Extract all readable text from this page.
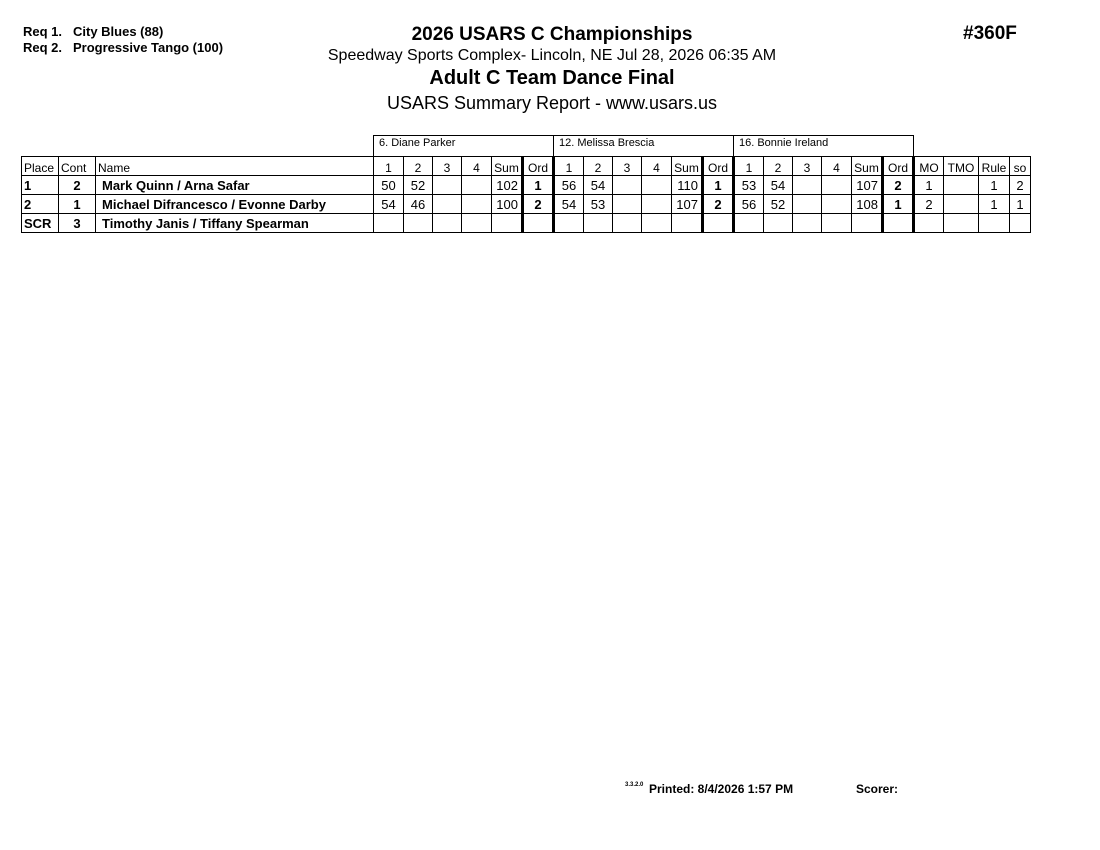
Req 1. City Blues (88)
Req 2. Progressive Tango (100)
2026 USARS C Championships
Speedway Sports Complex- Lincoln, NE Jul 28, 2026 06:35 AM
Adult C Team Dance Final
USARS Summary Report - www.usars.us
#360F
			6. Diane Parker						12. Melissa Brescia						16. Bonnie Ireland									
Place	Cont	Name	1	2	3	4	Sum	Ord	1	2	3	4	Sum	Ord	1	2	3	4	Sum	Ord	MO	TMO	Rule	so
1	2	Mark Quinn / Arna Safar	50	52			102	1	56	54			110	1	53	54			107	2	1		1	2
2	1	Michael Difrancesco / Evonne Darby	54	46			100	2	54	53			107	2	56	52			108	1	2		1	1
SCR	3	Timothy Janis / Tiffany Spearman																						
3.3.2.0 Printed: 8/4/2026 1:57 PM	Scorer:
